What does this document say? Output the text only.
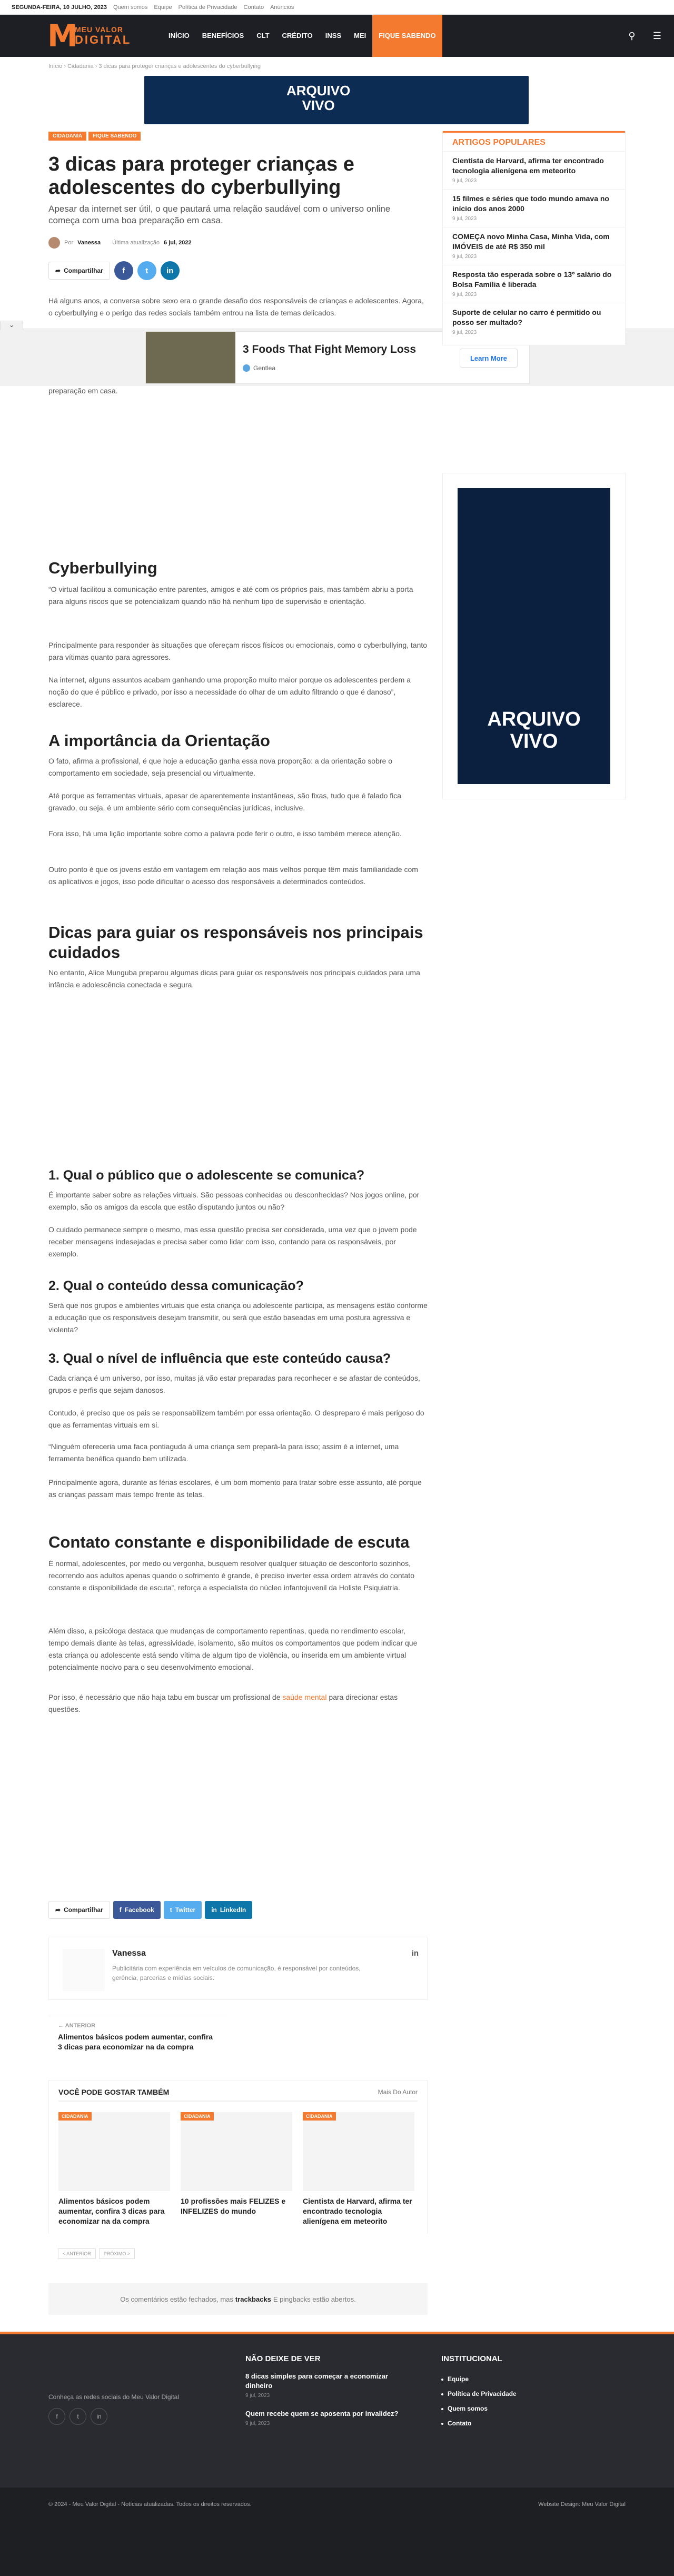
SEGUNDA-FEIRA, 10 JULHO, 2023 Quem somos Equipe Política de Privacidade Contato Anúncios
M
MEU VALOR
DIGITAL	INÍCIO	BENEFÍCIOS	CLT	CRÉDITO	INSS	MEI	FIQUE SABENDO	⚲	☰
Início › Cidadania › 3 dicas para proteger crianças e adolescentes do cyberbullying
ARQUIVO
VIVO
CIDADANIA	FIQUE SABENDO
3 dicas para proteger crianças e adolescentes do cyberbullying
Apesar da internet ser útil, o que pautará uma relação saudável com o universo online começa com uma boa preparação em casa.
Por Vanessa Última atualização 6 jul, 2022
➦ Compartilhar	f	t	in

Há alguns anos, a conversa sobre sexo era o grande desafio dos responsáveis de crianças e adolescentes. Agora, o cyberbullying e o perigo das redes sociais também entrou na lista de temas delicados.

preparação em casa.

⌄
3 Foods That Fight Memory Loss
Gentlea
Learn More
Cyberbullying

“O virtual facilitou a comunicação entre parentes, amigos e até com os próprios pais, mas também abriu a porta para alguns riscos que se potencializam quando não há nenhum tipo de supervisão e orientação.

Principalmente para responder às situações que ofereçam riscos físicos ou emocionais, como o cyberbullying, tanto para vítimas quanto para agressores.

Na internet, alguns assuntos acabam ganhando uma proporção muito maior porque os adolescentes perdem a noção do que é público e privado, por isso a necessidade do olhar de um adulto filtrando o que é danoso”, esclarece.

A importância da Orientação

O fato, afirma a profissional, é que hoje a educação ganha essa nova proporção: a da orientação sobre o comportamento em sociedade, seja presencial ou virtualmente.

Até porque as ferramentas virtuais, apesar de aparentemente instantâneas, são fixas, tudo que é falado fica gravado, ou seja, é um ambiente sério com consequências jurídicas, inclusive.

Fora isso, há uma lição importante sobre como a palavra pode ferir o outro, e isso também merece atenção.

Outro ponto é que os jovens estão em vantagem em relação aos mais velhos porque têm mais familiaridade com os aplicativos e jogos, isso pode dificultar o acesso dos responsáveis a determinados conteúdos.

Dicas para guiar os responsáveis nos principais cuidados

No entanto, Alice Munguba preparou algumas dicas para guiar os responsáveis nos principais cuidados para uma infância e adolescência conectada e segura.

1. Qual o público que o adolescente se comunica?

É importante saber sobre as relações virtuais. São pessoas conhecidas ou desconhecidas? Nos jogos online, por exemplo, são os amigos da escola que estão disputando juntos ou não?

O cuidado permanece sempre o mesmo, mas essa questão precisa ser considerada, uma vez que o jovem pode receber mensagens indesejadas e precisa saber como lidar com isso, contando para os responsáveis, por exemplo.

2. Qual o conteúdo dessa comunicação?

Será que nos grupos e ambientes virtuais que esta criança ou adolescente participa, as mensagens estão conforme a educação que os responsáveis desejam transmitir, ou será que estão baseadas em uma postura agressiva e violenta?

3. Qual o nível de influência que este conteúdo causa?

Cada criança é um universo, por isso, muitas já vão estar preparadas para reconhecer e se afastar de conteúdos, grupos e perfis que sejam danosos.

Contudo, é preciso que os pais se responsabilizem também por essa orientação. O despreparo é mais perigoso do que as ferramentas virtuais em si.

“Ninguém ofereceria uma faca pontiaguda à uma criança sem prepará-la para isso; assim é a internet, uma ferramenta benéfica quando bem utilizada.

Principalmente agora, durante as férias escolares, é um bom momento para tratar sobre esse assunto, até porque as crianças passam mais tempo frente às telas.

Contato constante e disponibilidade de escuta

É normal, adolescentes, por medo ou vergonha, busquem resolver qualquer situação de desconforto sozinhos, recorrendo aos adultos apenas quando o sofrimento é grande, é preciso inverter essa ordem através do contato constante e disponibilidade de escuta”, reforça a especialista do núcleo infantojuvenil da Holiste Psiquiatria.

Além disso, a psicóloga destaca que mudanças de comportamento repentinas, queda no rendimento escolar, tempo demais diante às telas, agressividade, isolamento, são muitos os comportamentos que podem indicar que esta criança ou adolescente está sendo vítima de algum tipo de violência, ou inserida em um ambiente virtual potencialmente nocivo para o seu desenvolvimento emocional.

Por isso, é necessário que não haja tabu em buscar um profissional de saúde mental para direcionar estas questões.

➦ Compartilhar	f Facebook	t Twitter	in LinkedIn
Vanessa
Publicitária com experiência em veículos de comunicação, é responsável por conteúdos, gerência, parcerias e mídias sociais.
in
← ANTERIOR
Alimentos básicos podem aumentar, confira 3 dicas para economizar na da compra
VOCÊ PODE GOSTAR TAMBÉM	Mais Do Autor
CIDADANIA
Alimentos básicos podem aumentar, confira 3 dicas para economizar na da compra
CIDADANIA
10 profissões mais FELIZES e INFELIZES do mundo
CIDADANIA
Cientista de Harvard, afirma ter encontrado tecnologia alienígena em meteorito
< ANTERIOR	PRÓXIMO >
Os comentários estão fechados, mas trackbacks E pingbacks estão abertos.
ARTIGOS POPULARES
Cientista de Harvard, afirma ter encontrado tecnologia alienígena em meteorito
9 jul, 2023
15 filmes e séries que todo mundo amava no início dos anos 2000
9 jul, 2023
COMEÇA novo Minha Casa, Minha Vida, com IMÓVEIS de até R$ 350 mil
9 jul, 2023
Resposta tão esperada sobre o 13º salário do Bolsa Família é liberada
9 jul, 2023
Suporte de celular no carro é permitido ou posso ser multado?
9 jul, 2023
ARQUIVO
VIVO
Conheça as redes sociais do Meu Valor Digital
f	t	in
NÃO DEIXE DE VER
8 dicas simples para começar a economizar dinheiro
9 jul, 2023
Quem recebe quem se aposenta por invalidez?
9 jul, 2023
INSTITUCIONAL
Equipe
Política de Privacidade
Quem somos
Contato
© 2024 - Meu Valor Digital - Notícias atualizadas. Todos os direitos reservados.	Website Design: Meu Valor Digital
